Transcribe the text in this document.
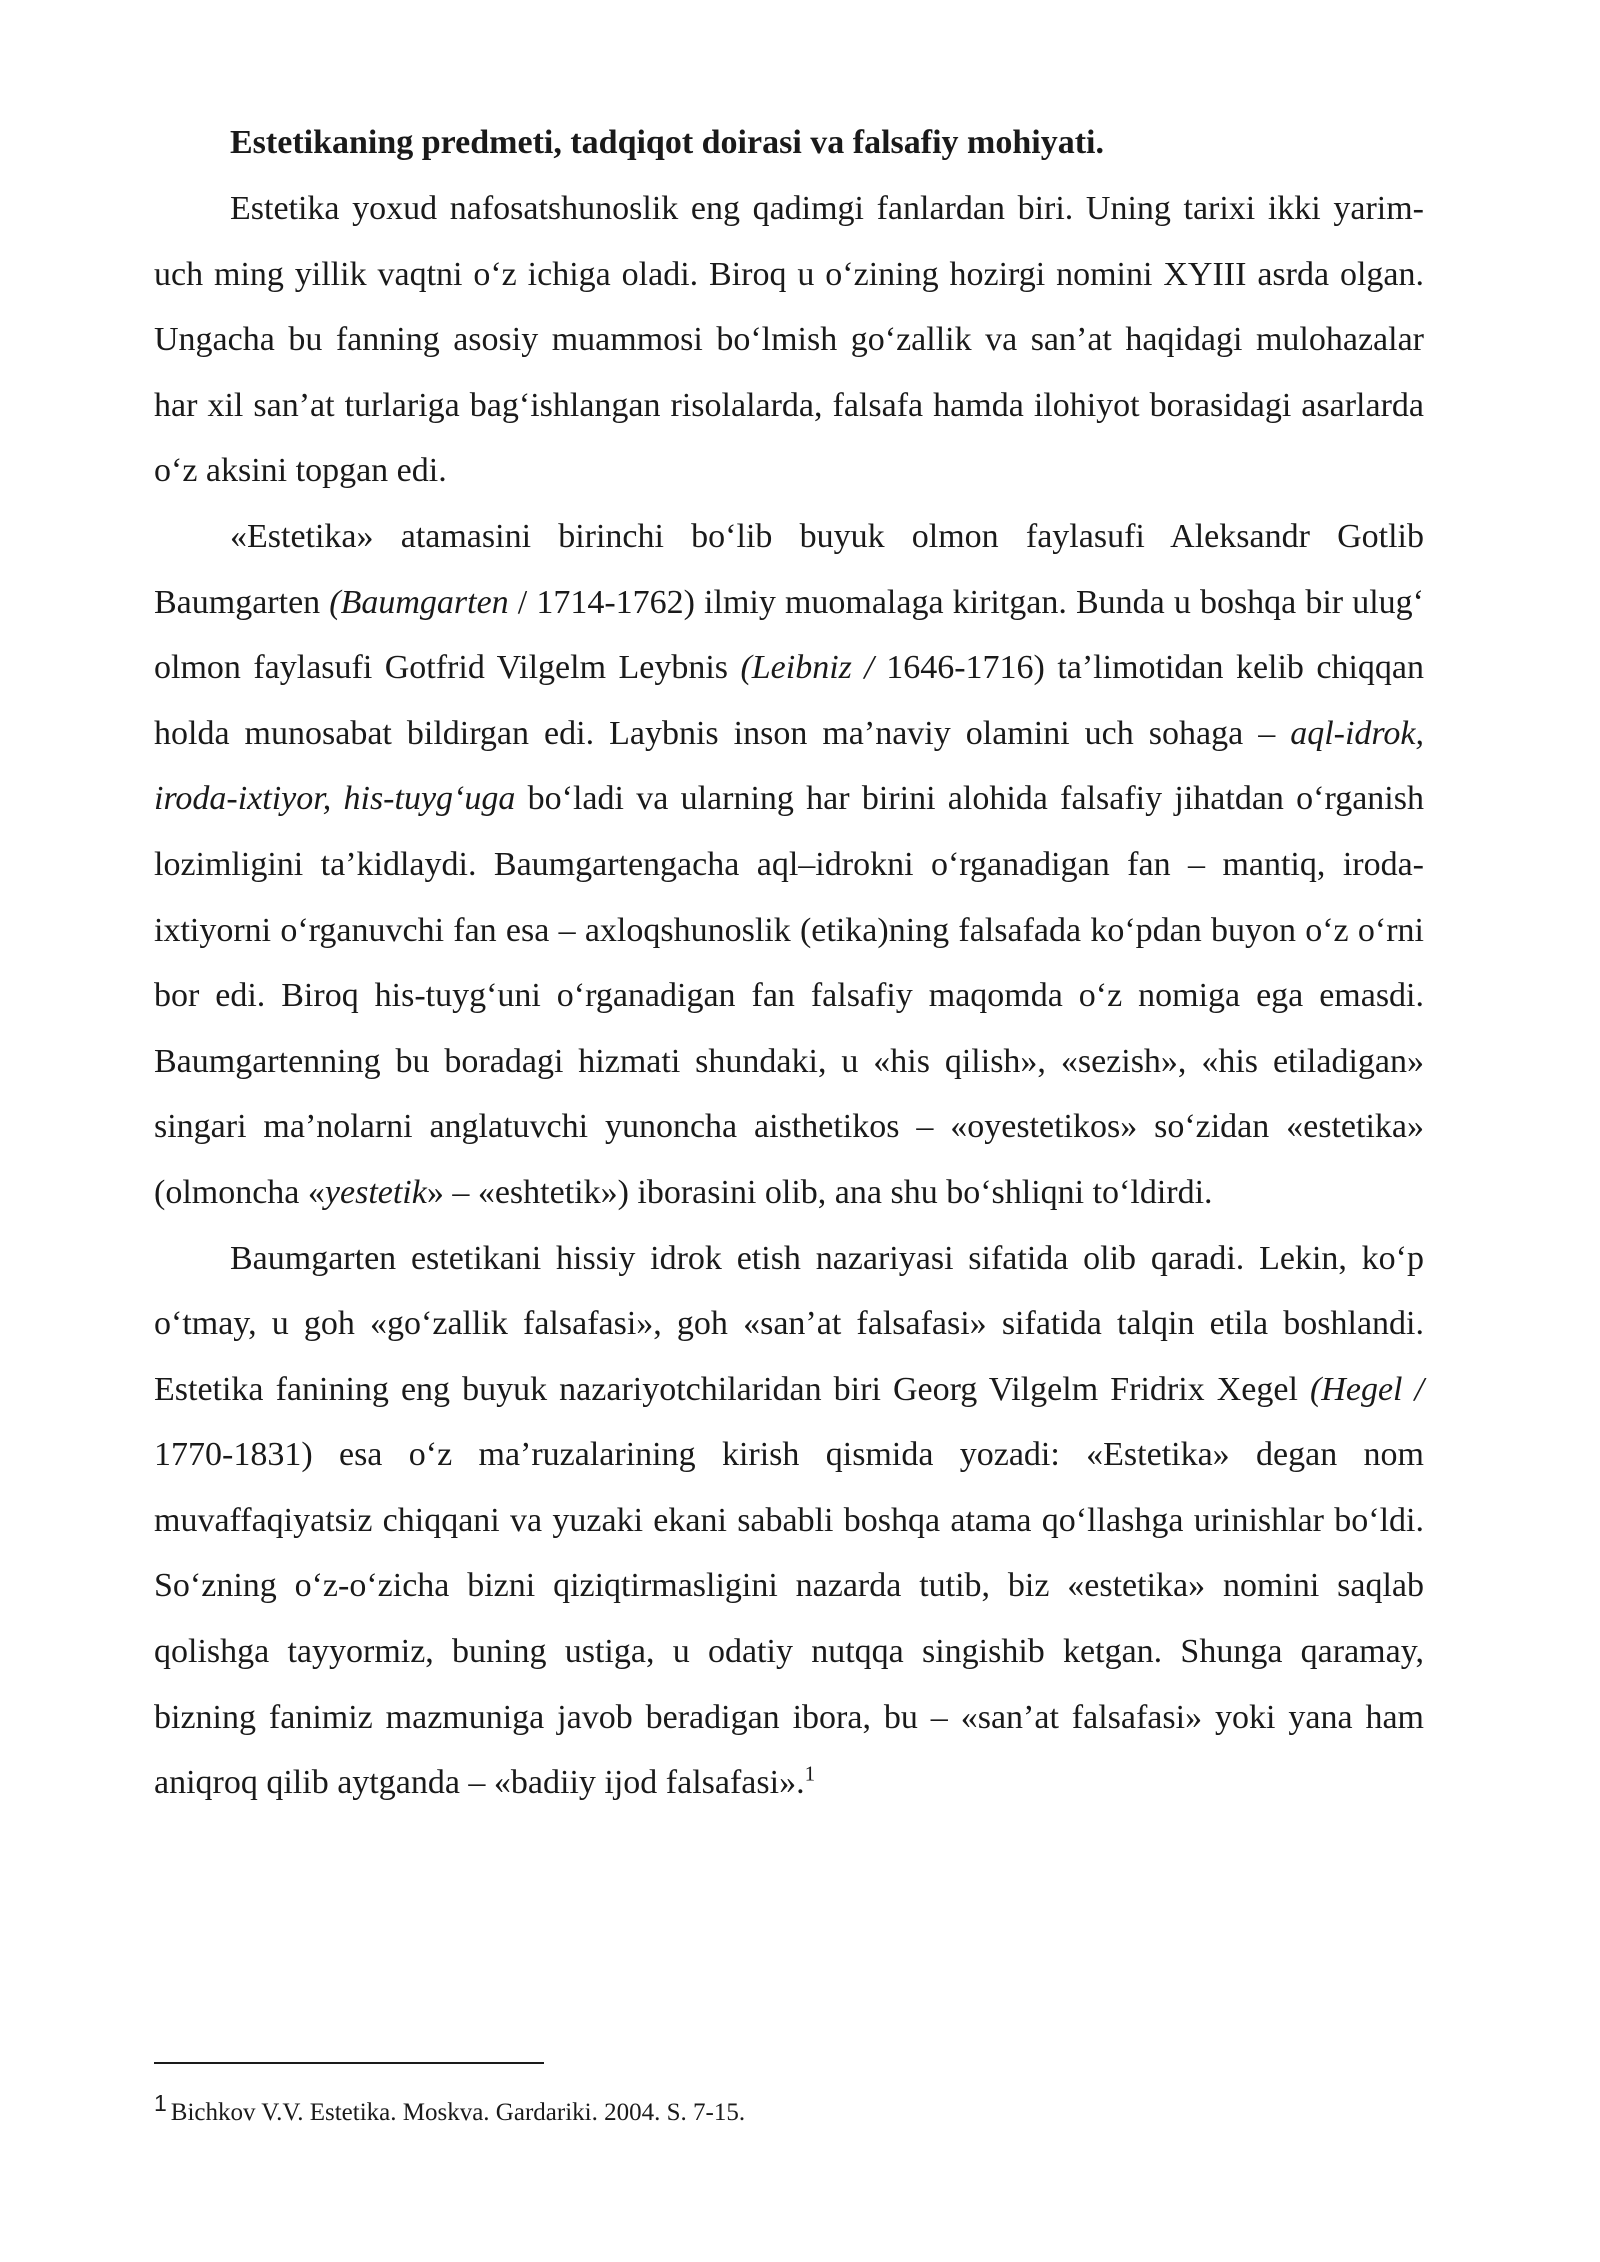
Estetikaning predmeti, tadqiqot doirasi va falsafiy mohiyati.

Estetika yoxud nafosatshunoslik eng qadimgi fanlardan biri. Uning tarixi ikki yarim-uch ming yillik vaqtni o‘z ichiga oladi. Biroq u o‘zining hozirgi nomini XYIII asrda olgan. Ungacha bu fanning asosiy muammosi bo‘lmish go‘zallik va san’at haqidagi mulohazalar har xil san’at turlariga bag‘ishlangan risolalarda, falsafa hamda ilohiyot borasidagi asarlarda o‘z aksini topgan edi.

«Estetika» atamasini birinchi bo‘lib buyuk olmon faylasufi Aleksandr Gotlib Baumgarten (Baumgarten / 1714-1762) ilmiy muomalaga kiritgan. Bunda u boshqa bir ulug‘ olmon faylasufi Gotfrid Vilgelm Leybnis (Leibniz / 1646-1716) ta’limotidan kelib chiqqan holda munosabat bildirgan edi. Laybnis inson ma’naviy olamini uch sohaga – aql-idrok, iroda-ixtiyor, his-tuyg‘uga bo‘ladi va ularning har birini alohida falsafiy jihatdan o‘rganish lozimligini ta’kidlaydi. Baumgartengacha aql–idrokni o‘rganadigan fan – mantiq, iroda-ixtiyorni o‘rganuvchi fan esa – axloqshunoslik (etika)ning falsafada ko‘pdan buyon o‘z o‘rni bor edi. Biroq his-tuyg‘uni o‘rganadigan fan falsafiy maqomda o‘z nomiga ega emasdi. Baumgartenning bu boradagi hizmati shundaki, u «his qilish», «sezish», «his etiladigan» singari ma’nolarni anglatuvchi yunoncha aisthetikos – «oyestetikos» so‘zidan «estetika» (olmoncha «yestetik» – «eshtetik») iborasini olib, ana shu bo‘shliqni to‘ldirdi.

Baumgarten estetikani hissiy idrok etish nazariyasi sifatida olib qaradi. Lekin, ko‘p o‘tmay, u goh «go‘zallik falsafasi», goh «san’at falsafasi» sifatida talqin etila boshlandi. Estetika fanining eng buyuk nazariyotchilaridan biri Georg Vilgelm Fridrix Xegel (Hegel / 1770-1831) esa o‘z ma’ruzalarining kirish qismida yozadi: «Estetika» degan nom muvaffaqiyatsiz chiqqani va yuzaki ekani sababli boshqa atama qo‘llashga urinishlar bo‘ldi. So‘zning o‘z-o‘zicha bizni qiziqtirmasligini nazarda tutib, biz «estetika» nomini saqlab qolishga tayyormiz, buning ustiga, u odatiy nutqqa singishib ketgan. Shunga qaramay, bizning fanimiz mazmuniga javob beradigan ibora, bu – «san’at falsafasi» yoki yana ham aniqroq qilib aytganda – «badiiy ijod falsafasi».$^1$

1 Bichkov V.V. Estetika. Moskva. Gardariki. 2004. S. 7-15.
